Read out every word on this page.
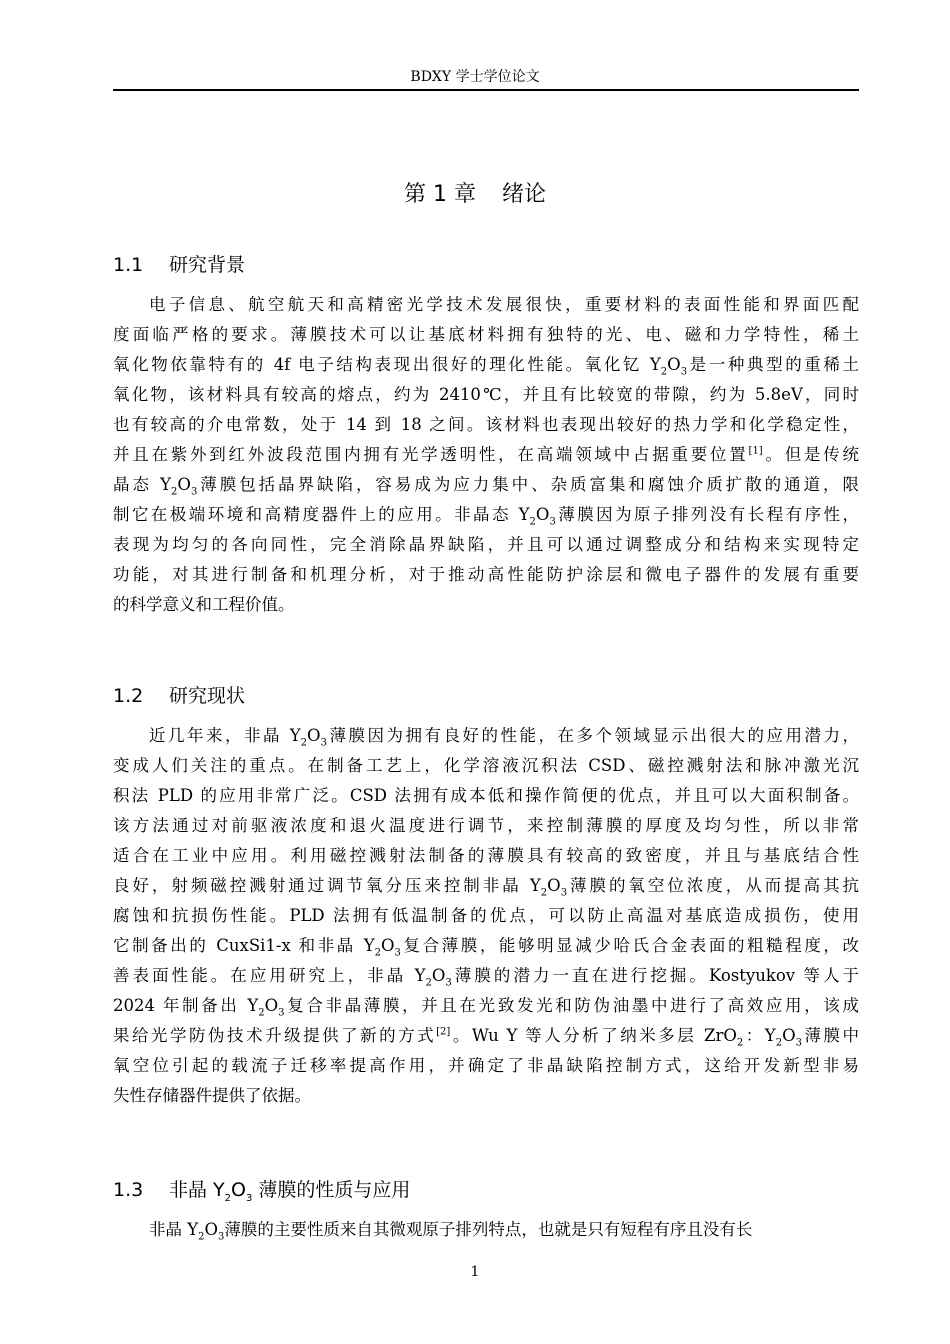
BDXY 学士学位论文
第 1 章 绪论
1.1 研究背景
电子信息、航空航天和高精密光学技术发展很快，重要材料的表面性能和界面匹配
度面临严格的要求。薄膜技术可以让基底材料拥有独特的光、电、磁和力学特性，稀土
氧化物依靠特有的 4f 电子结构表现出很好的理化性能。氧化钇 $Y_2O_3$是一种典型的重稀土
氧化物，该材料具有较高的熔点，约为 2410℃，并且有比较宽的带隙，约为 5.8eV，同时
也有较高的介电常数，处于 14 到 18 之间。该材料也表现出较好的热力学和化学稳定性，
并且在紫外到红外波段范围内拥有光学透明性，在高端领域中占据重要位置[1]。但是传统
晶态 $Y_2O_3$薄膜包括晶界缺陷，容易成为应力集中、杂质富集和腐蚀介质扩散的通道，限
制它在极端环境和高精度器件上的应用。非晶态 $Y_2O_3$薄膜因为原子排列没有长程有序性，
表现为均匀的各向同性，完全消除晶界缺陷，并且可以通过调整成分和结构来实现特定
功能，对其进行制备和机理分析，对于推动高性能防护涂层和微电子器件的发展有重要
的科学意义和工程价值。
1.2 研究现状
近几年来，非晶 $Y_2O_3$薄膜因为拥有良好的性能，在多个领域显示出很大的应用潜力，
变成人们关注的重点。在制备工艺上，化学溶液沉积法 CSD、磁控溅射法和脉冲激光沉
积法 PLD 的应用非常广泛。CSD 法拥有成本低和操作简便的优点，并且可以大面积制备。
该方法通过对前驱液浓度和退火温度进行调节，来控制薄膜的厚度及均匀性，所以非常
适合在工业中应用。利用磁控溅射法制备的薄膜具有较高的致密度，并且与基底结合性
良好，射频磁控溅射通过调节氧分压来控制非晶 $Y_2O_3$薄膜的氧空位浓度，从而提高其抗
腐蚀和抗损伤性能。PLD 法拥有低温制备的优点，可以防止高温对基底造成损伤，使用
它制备出的 CuxSi1-x 和非晶 $Y_2O_3$复合薄膜，能够明显减少哈氏合金表面的粗糙程度，改
善表面性能。在应用研究上，非晶 $Y_2O_3$薄膜的潜力一直在进行挖掘。Kostyukov 等人于
2024 年制备出 $Y_2O_3$复合非晶薄膜，并且在光致发光和防伪油墨中进行了高效应用，该成
果给光学防伪技术升级提供了新的方式[2]。Wu Y 等人分析了纳米多层 ZrO$_2$：$Y_2O_3$薄膜中
氧空位引起的载流子迁移率提高作用，并确定了非晶缺陷控制方式，这给开发新型非易
失性存储器件提供了依据。
1.3 非晶 $Y_2O_3$ 薄膜的性质与应用
非晶 $Y_2O_3$薄膜的主要性质来自其微观原子排列特点，也就是只有短程有序且没有长
1
